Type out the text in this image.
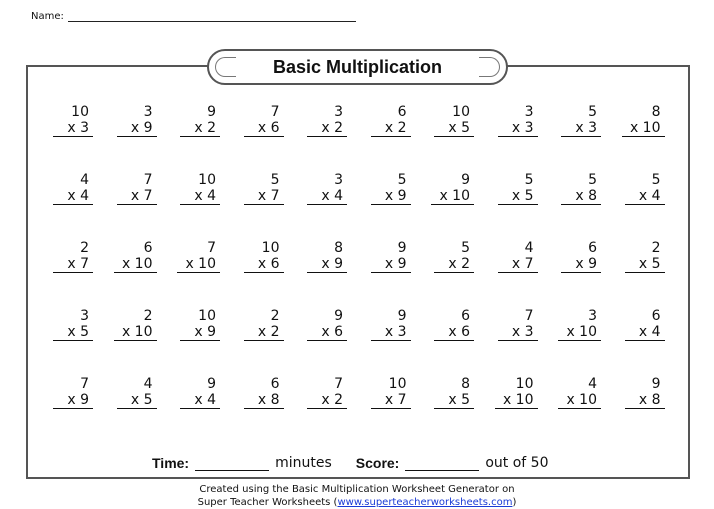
Name:
Basic Multiplication
10
x 3
3
x 9
9
x 2
7
x 6
3
x 2
6
x 2
10
x 5
3
x 3
5
x 3
8
x 10
4
x 4
7
x 7
10
x 4
5
x 7
3
x 4
5
x 9
9
x 10
5
x 5
5
x 8
5
x 4
2
x 7
6
x 10
7
x 10
10
x 6
8
x 9
9
x 9
5
x 2
4
x 7
6
x 9
2
x 5
3
x 5
2
x 10
10
x 9
2
x 2
9
x 6
9
x 3
6
x 6
7
x 3
3
x 10
6
x 4
7
x 9
4
x 5
9
x 4
6
x 8
7
x 2
10
x 7
8
x 5
10
x 10
4
x 10
9
x 8
Time:	minutes Score:	out of 50
Created using the Basic Multiplication Worksheet Generator on
Super Teacher Worksheets (www.superteacherworksheets.com)
